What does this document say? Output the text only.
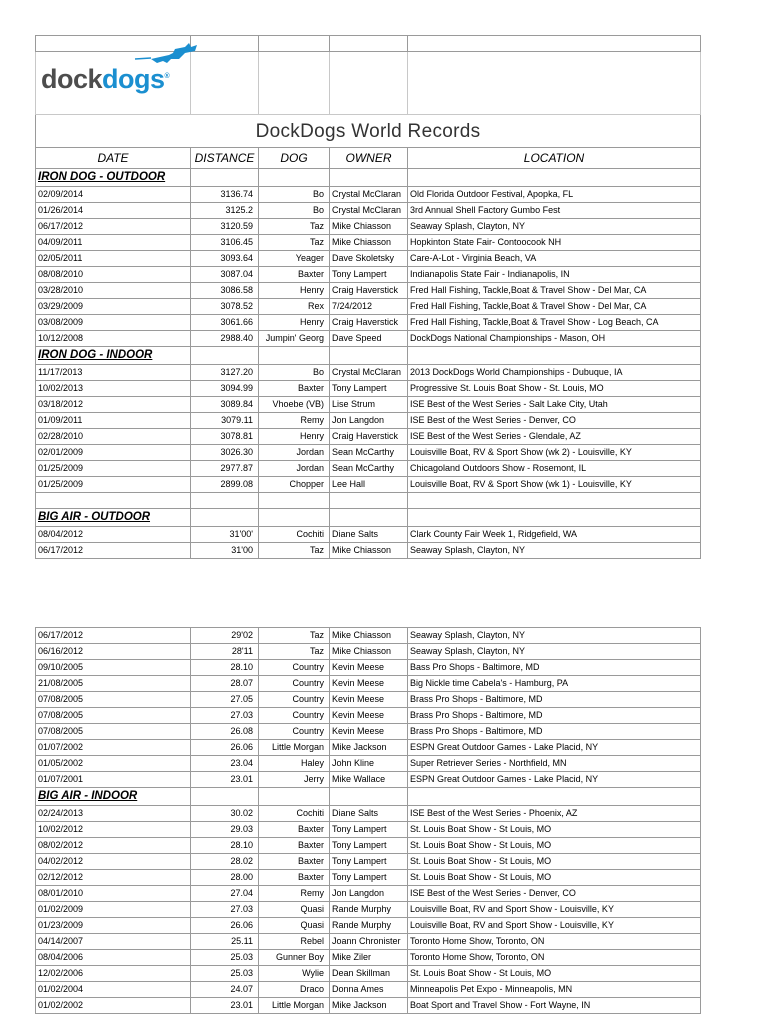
dockdogs®

DockDogs World Records				
DATE	DISTANCE	DOG	OWNER	LOCATION
IRON DOG - OUTDOOR				
02/09/2014	3136.74	Bo	Crystal McClaran	Old Florida Outdoor Festival, Apopka, FL
01/26/2014	3125.2	Bo	Crystal McClaran	3rd Annual Shell Factory Gumbo Fest
06/17/2012	3120.59	Taz	Mike Chiasson	Seaway Splash, Clayton, NY
04/09/2011	3106.45	Taz	Mike Chiasson	Hopkinton State Fair- Contoocook NH
02/05/2011	3093.64	Yeager	Dave Skoletsky	Care-A-Lot - Virginia Beach, VA
08/08/2010	3087.04	Baxter	Tony Lampert	Indianapolis State Fair - Indianapolis, IN
03/28/2010	3086.58	Henry	Craig Haverstick	Fred Hall Fishing, Tackle,Boat & Travel Show - Del Mar, CA
03/29/2009	3078.52	Rex	7/24/2012	Fred Hall Fishing, Tackle,Boat & Travel Show - Del Mar, CA
03/08/2009	3061.66	Henry	Craig Haverstick	Fred Hall Fishing, Tackle,Boat & Travel Show - Log Beach, CA
10/12/2008	2988.40	Jumpin' Georg	Dave Speed	DockDogs National Championships - Mason, OH
IRON DOG - INDOOR				
11/17/2013	3127.20	Bo	Crystal McClaran	2013 DockDogs World Championships - Dubuque, IA
10/02/2013	3094.99	Baxter	Tony Lampert	Progressive St. Louis Boat Show - St. Louis, MO
03/18/2012	3089.84	Vhoebe (VB)	Lise Strum	ISE Best of the West Series - Salt Lake City, Utah
01/09/2011	3079.11	Remy	Jon Langdon	ISE Best of the West Series - Denver, CO
02/28/2010	3078.81	Henry	Craig Haverstick	ISE Best of the West Series - Glendale, AZ
02/01/2009	3026.30	Jordan	Sean McCarthy	Louisville Boat, RV & Sport Show (wk 2) - Louisville, KY
01/25/2009	2977.87	Jordan	Sean McCarthy	Chicagoland Outdoors Show - Rosemont, IL
01/25/2009	2899.08	Chopper	Lee Hall	Louisville Boat, RV & Sport Show (wk 1) - Louisville, KY

BIG AIR - OUTDOOR				
08/04/2012	31'00'	Cochiti	Diane Salts	Clark County Fair Week 1, Ridgefield, WA
06/17/2012	31'00	Taz	Mike Chiasson	Seaway Splash, Clayton, NY
06/17/2012	29'02	Taz	Mike Chiasson	Seaway Splash, Clayton, NY
06/16/2012	28'11	Taz	Mike Chiasson	Seaway Splash, Clayton, NY
09/10/2005	28.10	Country	Kevin Meese	Bass Pro Shops - Baltimore, MD
21/08/2005	28.07	Country	Kevin Meese	Big Nickle time Cabela's - Hamburg, PA
07/08/2005	27.05	Country	Kevin Meese	Brass Pro Shops - Baltimore, MD
07/08/2005	27.03	Country	Kevin Meese	Brass Pro Shops - Baltimore, MD
07/08/2005	26.08	Country	Kevin Meese	Brass Pro Shops - Baltimore, MD
01/07/2002	26.06	Little Morgan	Mike Jackson	ESPN Great Outdoor Games - Lake Placid, NY
01/05/2002	23.04	Haley	John Kline	Super Retriever Series - Northfield, MN
01/07/2001	23.01	Jerry	Mike Wallace	ESPN Great Outdoor Games - Lake Placid, NY
BIG AIR - INDOOR				
02/24/2013	30.02	Cochiti	Diane Salts	ISE Best of the West Series - Phoenix, AZ
10/02/2012	29.03	Baxter	Tony Lampert	St. Louis Boat Show - St Louis, MO
08/02/2012	28.10	Baxter	Tony Lampert	St. Louis Boat Show - St Louis, MO
04/02/2012	28.02	Baxter	Tony Lampert	St. Louis Boat Show - St Louis, MO
02/12/2012	28.00	Baxter	Tony Lampert	St. Louis Boat Show - St Louis, MO
08/01/2010	27.04	Remy	Jon Langdon	ISE Best of the West Series - Denver, CO
01/02/2009	27.03	Quasi	Rande Murphy	Louisville Boat, RV and Sport Show - Louisville, KY
01/23/2009	26.06	Quasi	Rande Murphy	Louisville Boat, RV and Sport Show - Louisville, KY
04/14/2007	25.11	Rebel	Joann Chronister	Toronto Home Show, Toronto, ON
08/04/2006	25.03	Gunner Boy	Mike Ziler	Toronto Home Show, Toronto, ON
12/02/2006	25.03	Wylie	Dean Skillman	St. Louis Boat Show - St Louis, MO
01/02/2004	24.07	Draco	Donna Ames	Minneapolis Pet Expo - Minneapolis, MN
01/02/2002	23.01	Little Morgan	Mike Jackson	Boat Sport and Travel Show - Fort Wayne, IN
